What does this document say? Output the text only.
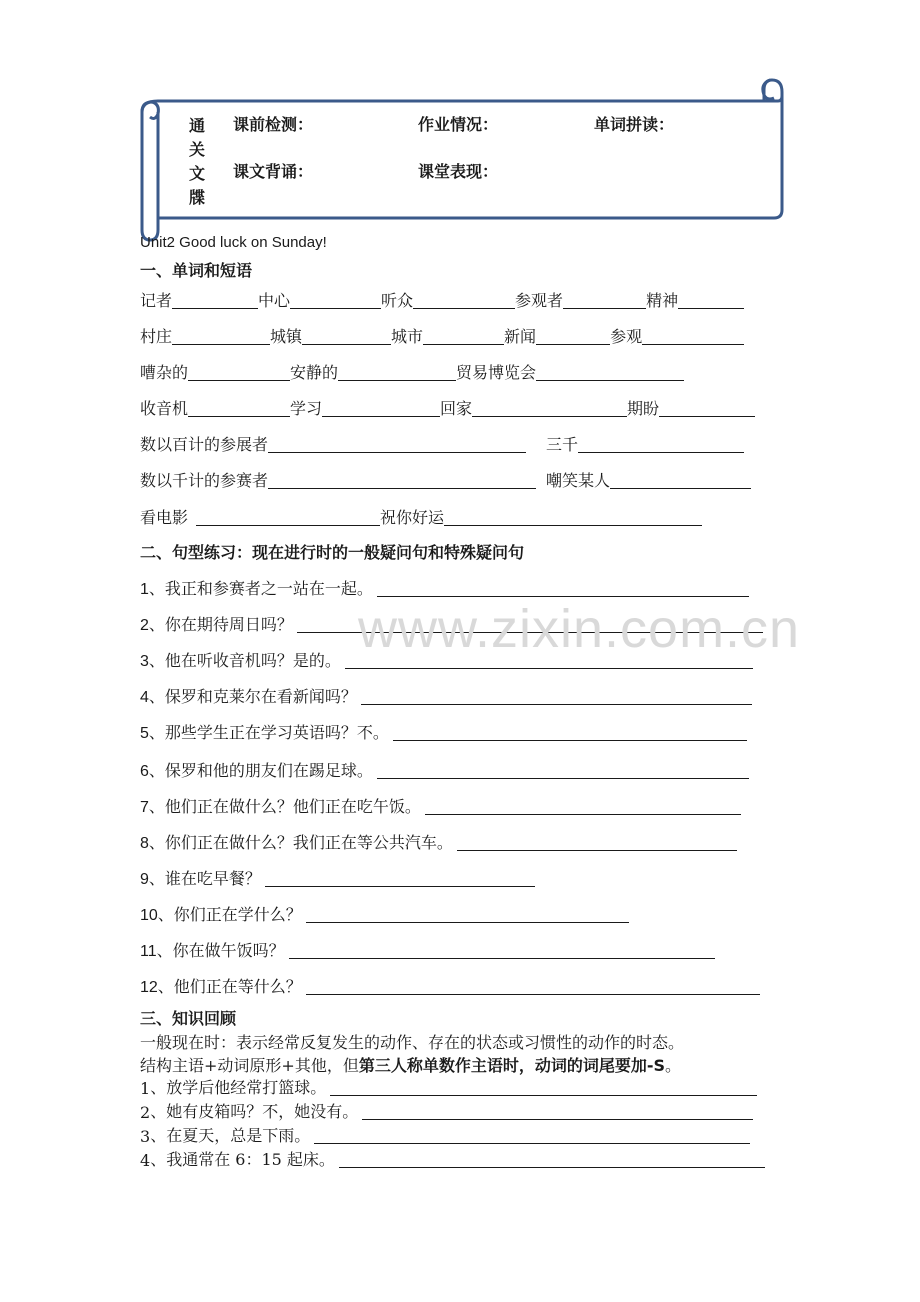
通
关
文
牒
课前检测：	作业情况：	单词拼读：
课文背诵：	课堂表现：
Unit2 Good luck on Sunday!
一、单词和短语
记者	中心	听众	参观者	精神
村庄	城镇	城市	新闻	参观
嘈杂的	安静的	贸易博览会
收音机	学习	回家	期盼
数以百计的参展者	三千
数以千计的参赛者	嘲笑某人
看电影	祝你好运
二、句型练习：现在进行时的一般疑问句和特殊疑问句
1 、我正和参赛者之一站在一起。
2 、你在期待周日吗？
3 、他在听收音机吗？是的。
4 、保罗和克莱尔在看新闻吗？
5 、那些学生正在学习英语吗？不。
6 、保罗和他的朋友们在踢足球。
7 、他们正在做什么？他们正在吃午饭。
8 、你们正在做什么？我们正在等公共汽车。
9 、谁在吃早餐？
10 、你们正在学什么？
11 、你在做午饭吗？
12 、他们正在等什么？
三、知识回顾
一般现在时：表示经常反复发生的动作、存在的状态或习惯性的动作的时态。
结构主语+动词原形+其他，但第三人称单数作主语时，动词的词尾要加-S。
1 、放学后他经常打篮球。
2 、她有皮箱吗？不，她没有。
3 、在夏天，总是下雨。
4 、我通常在 6：15 起床。
www.zixin.com.cn
